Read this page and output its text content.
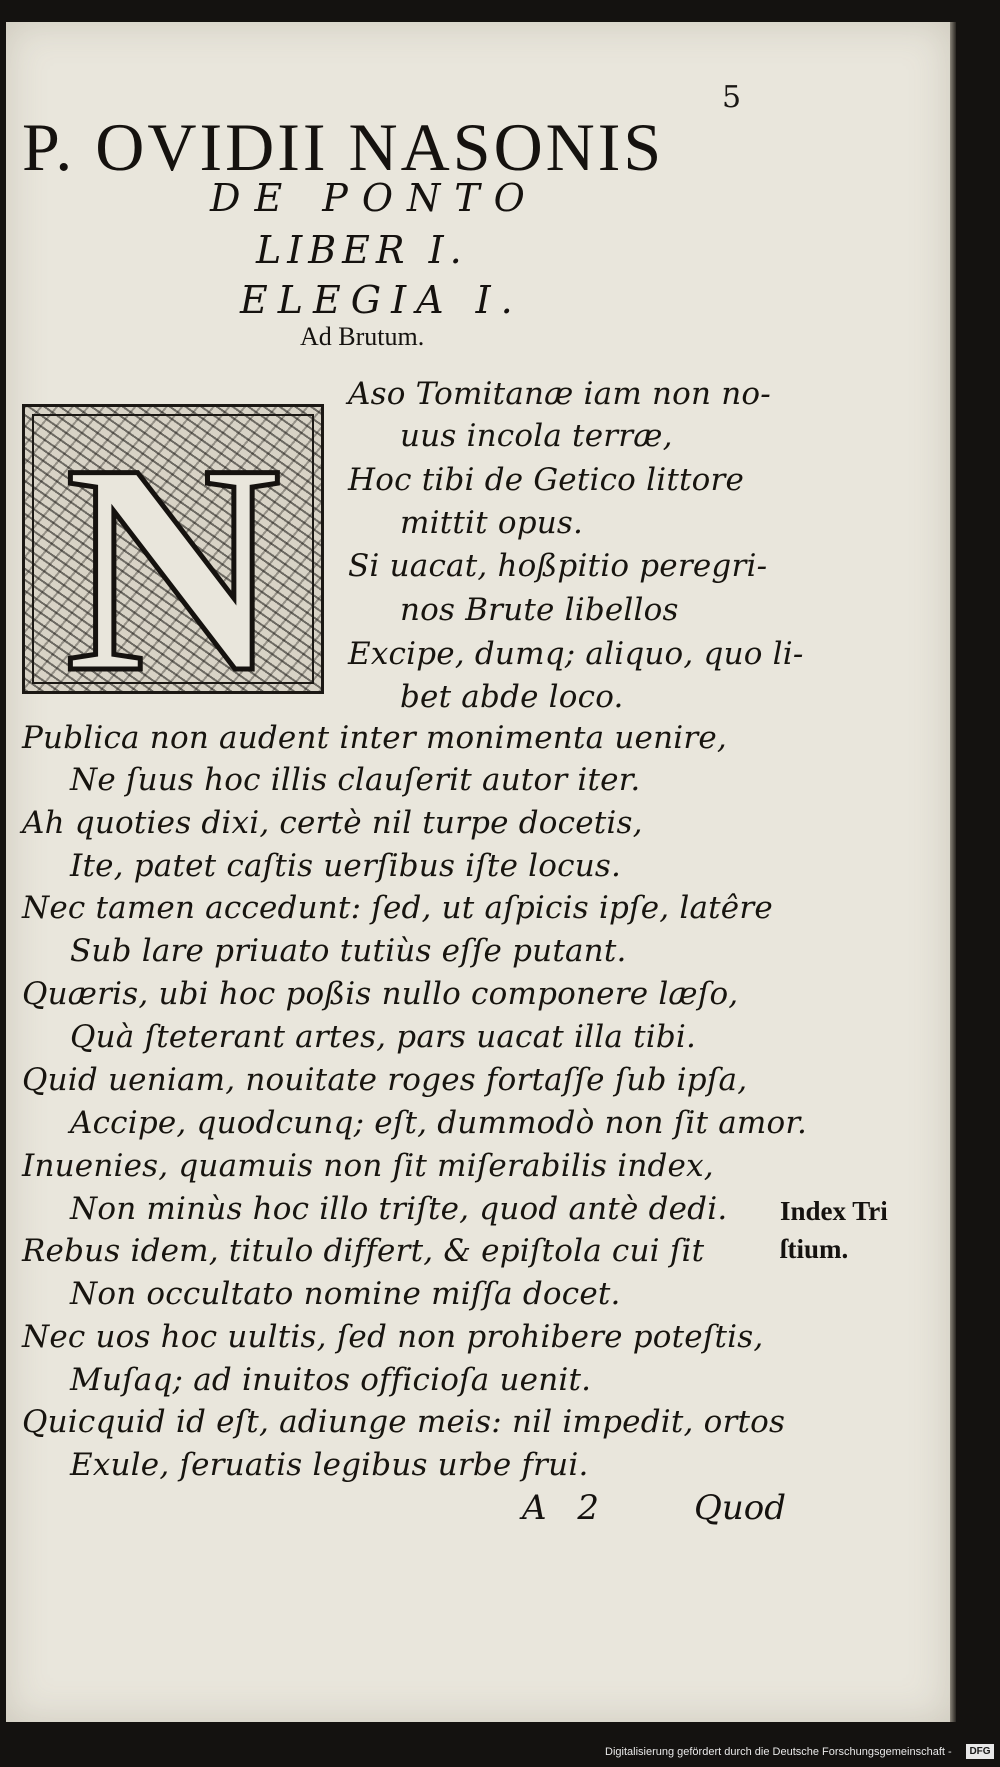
5
P. OVIDII NASONIS
DE PONTO
LIBER I.
ELEGIA I.
Ad Brutum.
N
Aso Tomitanæ iam non no-
uus incola terræ,
Hoc tibi de Getico littore
mittit opus.
Si uacat, hoßpitio peregri-
nos Brute libellos
Excipe, dumq; aliquo, quo li-
bet abde loco.
Publica non audent inter monimenta uenire,
Ne ſuus hoc illis clauſerit autor iter.
Ah quoties dixi, certè nil turpe docetis,
Ite, patet caſtis uerſibus iſte locus.
Nec tamen accedunt: ſed, ut aſpicis ipſe, latêre
Sub lare priuato tutiùs eſſe putant.
Quæris, ubi hoc poßis nullo componere læſo,
Quà ſteterant artes, pars uacat illa tibi.
Quid ueniam, nouitate roges fortaſſe ſub ipſa,
Accipe, quodcunq; eſt, dummodò non ſit amor.
Inuenies, quamuis non ſit miſerabilis index,
Non minùs hoc illo triſte, quod antè dedi.
Rebus idem, titulo differt, & epiſtola cui ſit
Non occultato nomine miſſa docet.
Nec uos hoc uultis, ſed non prohibere poteſtis,
Muſaq; ad inuitos officioſa uenit.
Quicquid id eſt, adiunge meis: nil impedit, ortos
Exule, ſeruatis legibus urbe frui.
Index Tri
ſtium.
A 2	Quod
Digitalisierung gefördert durch die Deutsche Forschungsgemeinschaft -	DFG
